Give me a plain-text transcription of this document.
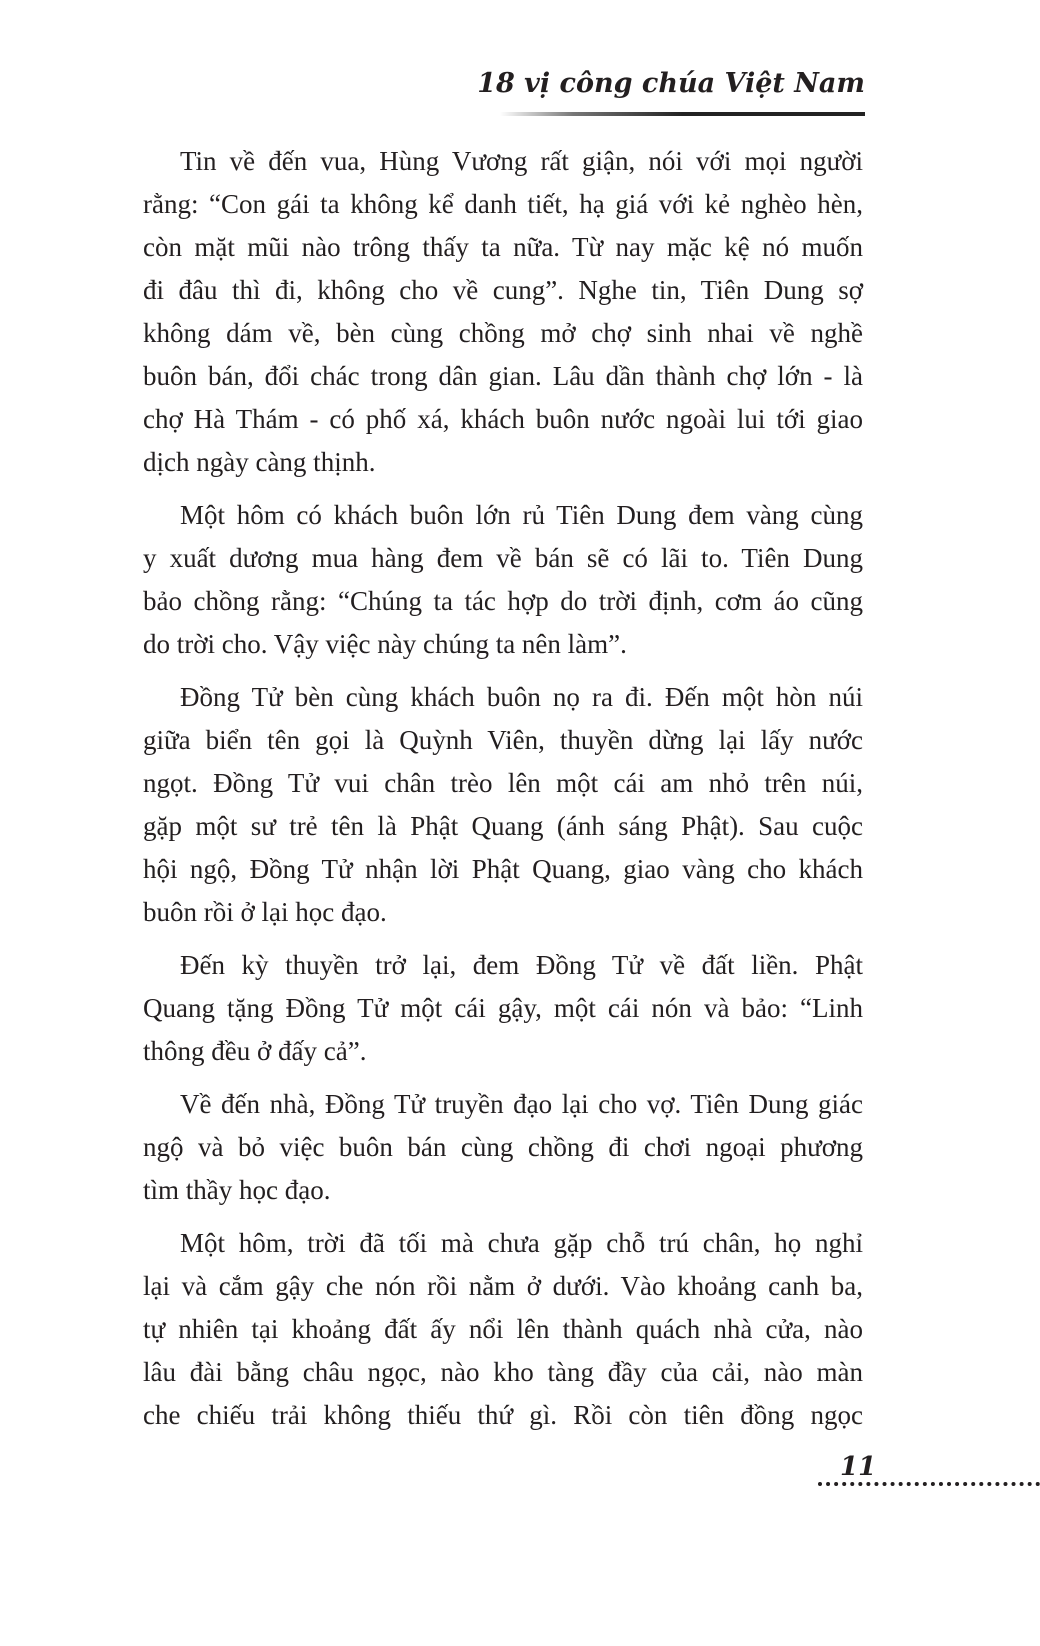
18 vị công chúa Việt Nam
Tin về đến vua, Hùng Vương rất giận, nói với mọi người
rằng: “Con gái ta không kể danh tiết, hạ giá với kẻ nghèo hèn,
còn mặt mũi nào trông thấy ta nữa. Từ nay mặc kệ nó muốn
đi đâu thì đi, không cho về cung”. Nghe tin, Tiên Dung sợ
không dám về, bèn cùng chồng mở chợ sinh nhai về nghề
buôn bán, đổi chác trong dân gian. Lâu dần thành chợ lớn - là
chợ Hà Thám - có phố xá, khách buôn nước ngoài lui tới giao
dịch ngày càng thịnh.
Một hôm có khách buôn lớn rủ Tiên Dung đem vàng cùng
y xuất dương mua hàng đem về bán sẽ có lãi to. Tiên Dung
bảo chồng rằng: “Chúng ta tác hợp do trời định, cơm áo cũng
do trời cho. Vậy việc này chúng ta nên làm”.
Đồng Tử bèn cùng khách buôn nọ ra đi. Đến một hòn núi
giữa biển tên gọi là Quỳnh Viên, thuyền dừng lại lấy nước
ngọt. Đồng Tử vui chân trèo lên một cái am nhỏ trên núi,
gặp một sư trẻ tên là Phật Quang (ánh sáng Phật). Sau cuộc
hội ngộ, Đồng Tử nhận lời Phật Quang, giao vàng cho khách
buôn rồi ở lại học đạo.
Đến kỳ thuyền trở lại, đem Đồng Tử về đất liền. Phật
Quang tặng Đồng Tử một cái gậy, một cái nón và bảo: “Linh
thông đều ở đấy cả”.
Về đến nhà, Đồng Tử truyền đạo lại cho vợ. Tiên Dung giác
ngộ và bỏ việc buôn bán cùng chồng đi chơi ngoại phương
tìm thầy học đạo.
Một hôm, trời đã tối mà chưa gặp chỗ trú chân, họ nghỉ
lại và cắm gậy che nón rồi nằm ở dưới. Vào khoảng canh ba,
tự nhiên tại khoảng đất ấy nổi lên thành quách nhà cửa, nào
lâu đài bằng châu ngọc, nào kho tàng đầy của cải, nào màn
che chiếu trải không thiếu thứ gì. Rồi còn tiên đồng ngọc
11
